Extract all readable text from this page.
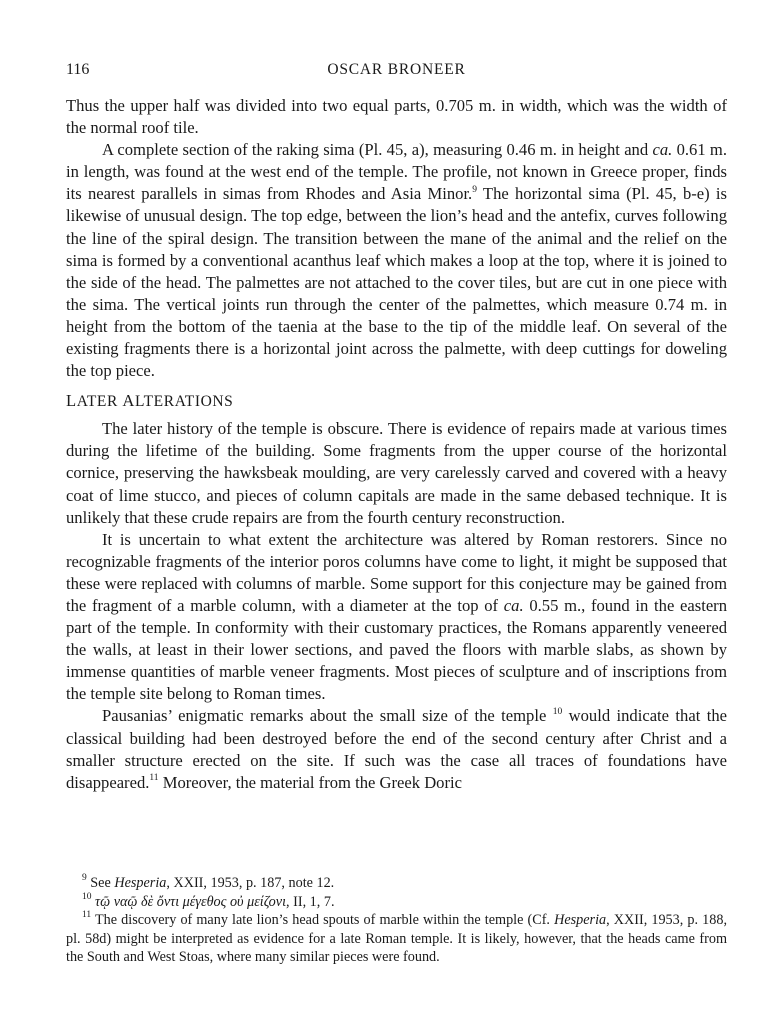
116	OSCAR BRONEER

Thus the upper half was divided into two equal parts, 0.705 m. in width, which was the width of the normal roof tile.

A complete section of the raking sima (Pl. 45, a), measuring 0.46 m. in height and ca. 0.61 m. in length, was found at the west end of the temple. The profile, not known in Greece proper, finds its nearest parallels in simas from Rhodes and Asia Minor.$^9$ The horizontal sima (Pl. 45, b-e) is likewise of unusual design. The top edge, between the lion’s head and the antefix, curves following the line of the spiral design. The transition between the mane of the animal and the relief on the sima is formed by a conventional acanthus leaf which makes a loop at the top, where it is joined to the side of the head. The palmettes are not attached to the cover tiles, but are cut in one piece with the sima. The vertical joints run through the center of the palmettes, which measure 0.74 m. in height from the bottom of the taenia at the base to the tip of the middle leaf. On several of the existing fragments there is a horizontal joint across the palmette, with deep cuttings for doweling the top piece.

LATER ALTERATIONS

The later history of the temple is obscure. There is evidence of repairs made at various times during the lifetime of the building. Some fragments from the upper course of the horizontal cornice, preserving the hawksbeak moulding, are very carelessly carved and covered with a heavy coat of lime stucco, and pieces of column capitals are made in the same debased technique. It is unlikely that these crude repairs are from the fourth century reconstruction.

It is uncertain to what extent the architecture was altered by Roman restorers. Since no recognizable fragments of the interior poros columns have come to light, it might be supposed that these were replaced with columns of marble. Some support for this conjecture may be gained from the fragment of a marble column, with a diameter at the top of ca. 0.55 m., found in the eastern part of the temple. In conformity with their customary practices, the Romans apparently veneered the walls, at least in their lower sections, and paved the floors with marble slabs, as shown by immense quantities of marble veneer fragments. Most pieces of sculpture and of inscriptions from the temple site belong to Roman times.

Pausanias’ enigmatic remarks about the small size of the temple $^{10}$ would indicate that the classical building had been destroyed before the end of the second century after Christ and a smaller structure erected on the site. If such was the case all traces of foundations have disappeared.$^{11}$ Moreover, the material from the Greek Doric

$^9$ See Hesperia, XXII, 1953, p. 187, note 12.

$^{10}$ τῷ ναῷ δὲ ὄντι μέγεθος οὐ μείζονι, II, 1, 7.

$^{11}$ The discovery of many late lion’s head spouts of marble within the temple (Cf. Hesperia, XXII, 1953, p. 188, pl. 58d) might be interpreted as evidence for a late Roman temple. It is likely, however, that the heads came from the South and West Stoas, where many similar pieces were found.
